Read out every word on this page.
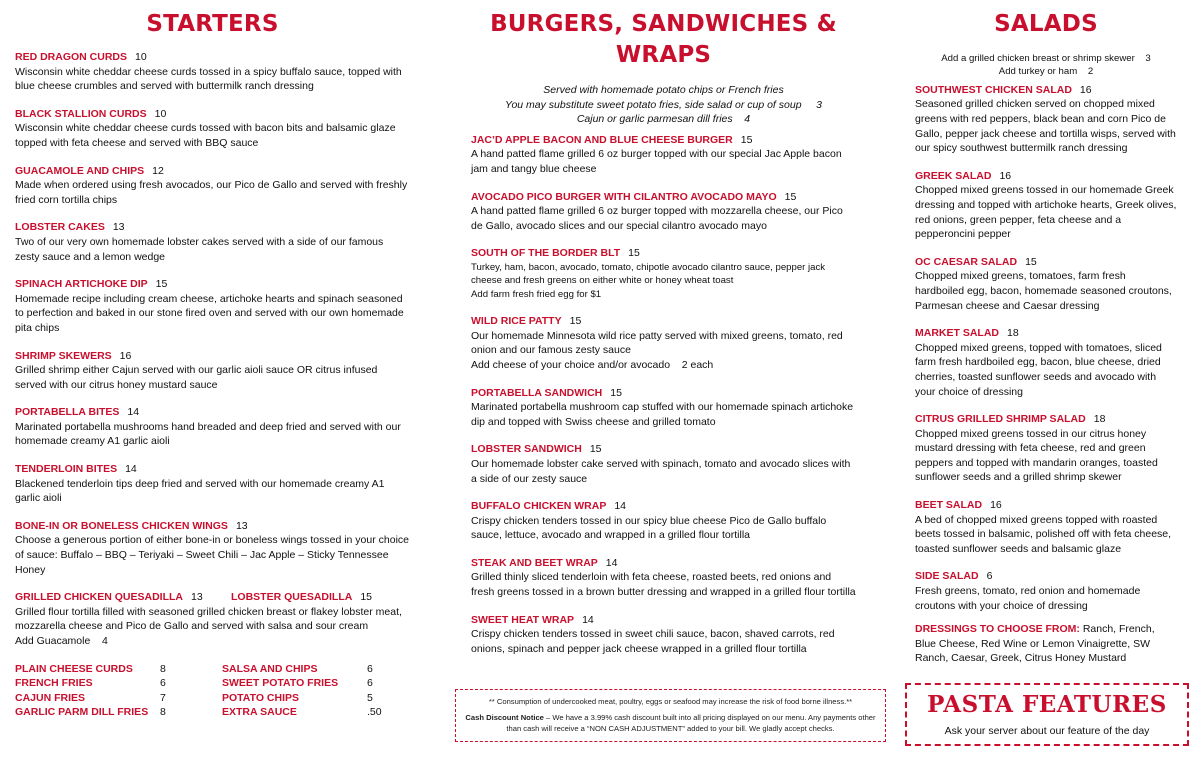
STARTERS
RED DRAGON CURDS 10
Wisconsin white cheddar cheese curds tossed in a spicy buffalo sauce, topped with blue cheese crumbles and served with buttermilk ranch dressing
BLACK STALLION CURDS 10
Wisconsin white cheddar cheese curds tossed with bacon bits and balsamic glaze topped with feta cheese and served with BBQ sauce
GUACAMOLE AND CHIPS 12
Made when ordered using fresh avocados, our Pico de Gallo and served with freshly fried corn tortilla chips
LOBSTER CAKES 13
Two of our very own homemade lobster cakes served with a side of our famous zesty sauce and a lemon wedge
SPINACH ARTICHOKE DIP 15
Homemade recipe including cream cheese, artichoke hearts and spinach seasoned to perfection and baked in our stone fired oven and served with our own homemade pita chips
SHRIMP SKEWERS 16
Grilled shrimp either Cajun served with our garlic aioli sauce OR citrus infused served with our citrus honey mustard sauce
PORTABELLA BITES 14
Marinated portabella mushrooms hand breaded and deep fried and served with our homemade creamy A1 garlic aioli
TENDERLOIN BITES 14
Blackened tenderloin tips deep fried and served with our homemade creamy A1 garlic aioli
BONE-IN OR BONELESS CHICKEN WINGS 13
Choose a generous portion of either bone-in or boneless wings tossed in your choice of sauce: Buffalo – BBQ – Teriyaki – Sweet Chili – Jac Apple – Sticky Tennessee Honey
GRILLED CHICKEN QUESADILLA 13	LOBSTER QUESADILLA 15
Grilled flour tortilla filled with seasoned grilled chicken breast or flakey lobster meat, mozzarella cheese and Pico de Gallo and served with salsa and sour cream
Add Guacamole    4
PLAIN CHEESE CURDS	8	SALSA AND CHIPS	6
FRENCH FRIES	6	SWEET POTATO FRIES	6
CAJUN FRIES	7	POTATO CHIPS	5
GARLIC PARM DILL FRIES	8	EXTRA SAUCE	.50
BURGERS, SANDWICHES &
WRAPS
Served with homemade potato chips or French fries
You may substitute sweet potato fries, side salad or cup of soup     3
Cajun or garlic parmesan dill fries    4
JAC’D APPLE BACON AND BLUE CHEESE BURGER 15
A hand patted flame grilled 6 oz burger topped with our special Jac Apple bacon jam and tangy blue cheese
AVOCADO PICO BURGER WITH CILANTRO AVOCADO MAYO 15
A hand patted flame grilled 6 oz burger topped with mozzarella cheese, our Pico de Gallo, avocado slices and our special cilantro avocado mayo
SOUTH OF THE BORDER BLT 15
Turkey, ham, bacon, avocado, tomato, chipotle avocado cilantro sauce, pepper jack cheese and fresh greens on either white or honey wheat toast
Add farm fresh fried egg for $1
WILD RICE PATTY 15
Our homemade Minnesota wild rice patty served with mixed greens, tomato, red onion and our famous zesty sauce
Add cheese of your choice and/or avocado    2 each
PORTABELLA SANDWICH 15
Marinated portabella mushroom cap stuffed with our homemade spinach artichoke dip and topped with Swiss cheese and grilled tomato
LOBSTER SANDWICH 15
Our homemade lobster cake served with spinach, tomato and avocado slices with a side of our zesty sauce
BUFFALO CHICKEN WRAP 14
Crispy chicken tenders tossed in our spicy blue cheese Pico de Gallo buffalo sauce, lettuce, avocado and wrapped in a grilled flour tortilla
STEAK AND BEET WRAP 14
Grilled thinly sliced tenderloin with feta cheese, roasted beets, red onions and fresh greens tossed in a brown butter dressing and wrapped in a grilled flour tortilla
SWEET HEAT WRAP 14
Crispy chicken tenders tossed in sweet chili sauce, bacon, shaved carrots, red onions, spinach and pepper jack cheese wrapped in a grilled flour tortilla
** Consumption of undercooked meat, poultry, eggs or seafood may increase the risk of food borne illness.**
Cash Discount Notice – We have a 3.99% cash discount built into all pricing displayed on our menu. Any payments other than cash will receive a “NON CASH ADJUSTMENT” added to your bill. We gladly accept checks.
SALADS
Add a grilled chicken breast or shrimp skewer    3
Add turkey or ham    2
SOUTHWEST CHICKEN SALAD 16
Seasoned grilled chicken served on chopped mixed greens with red peppers, black bean and corn Pico de Gallo, pepper jack cheese and tortilla wisps, served with our spicy southwest buttermilk ranch dressing
GREEK SALAD 16
Chopped mixed greens tossed in our homemade Greek dressing and topped with artichoke hearts, Greek olives, red onions, green pepper, feta cheese and a pepperoncini pepper
OC CAESAR SALAD 15
Chopped mixed greens, tomatoes, farm fresh hardboiled egg, bacon, homemade seasoned croutons, Parmesan cheese and Caesar dressing
MARKET SALAD 18
Chopped mixed greens, topped with tomatoes, sliced farm fresh hardboiled egg, bacon, blue cheese, dried cherries, toasted sunflower seeds and avocado with your choice of dressing
CITRUS GRILLED SHRIMP SALAD 18
Chopped mixed greens tossed in our citrus honey mustard dressing with feta cheese, red and green peppers and topped with mandarin oranges, toasted sunflower seeds and a grilled shrimp skewer
BEET SALAD 16
A bed of chopped mixed greens topped with roasted beets tossed in balsamic, polished off with feta cheese, toasted sunflower seeds and balsamic glaze
SIDE SALAD 6
Fresh greens, tomato, red onion and homemade croutons with your choice of dressing
DRESSINGS TO CHOOSE FROM: Ranch, French, Blue Cheese, Red Wine or Lemon Vinaigrette, SW Ranch, Caesar, Greek, Citrus Honey Mustard
PASTA FEATURES
Ask your server about our feature of the day
